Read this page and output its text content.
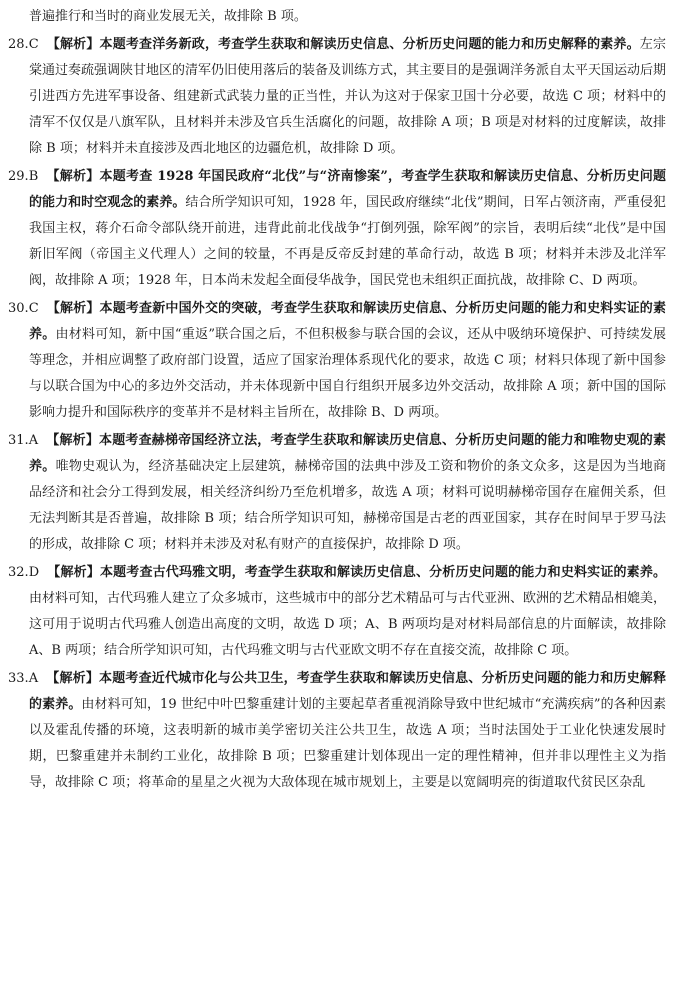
普遍推行和当时的商业发展无关，故排除 B 项。

28.C 【解析】本题考查洋务新政，考查学生获取和解读历史信息、分析历史问题的能力和历史解释的素养。左宗棠通过奏疏强调陕甘地区的清军仍旧使用落后的装备及训练方式，其主要目的是强调洋务派自太平天国运动后期引进西方先进军事设备、组建新式武装力量的正当性，并认为这对于保家卫国十分必要，故选 C 项；材料中的清军不仅仅是八旗军队，且材料并未涉及官兵生活腐化的问题，故排除 A 项；B 项是对材料的过度解读，故排除 B 项；材料并未直接涉及西北地区的边疆危机，故排除 D 项。

29.B 【解析】本题考查 1928 年国民政府“北伐”与“济南惨案”，考查学生获取和解读历史信息、分析历史问题的能力和时空观念的素养。结合所学知识可知，1928 年，国民政府继续“北伐”期间，日军占领济南，严重侵犯我国主权，蒋介石命令部队绕开前进，违背此前北伐战争“打倒列强，除军阀”的宗旨，表明后续“北伐”是中国新旧军阀（帝国主义代理人）之间的较量，不再是反帝反封建的革命行动，故选 B 项；材料并未涉及北洋军阀，故排除 A 项；1928 年，日本尚未发起全面侵华战争，国民党也未组织正面抗战，故排除 C、D 两项。

30.C 【解析】本题考查新中国外交的突破，考查学生获取和解读历史信息、分析历史问题的能力和史料实证的素养。由材料可知，新中国“重返”联合国之后，不但积极参与联合国的会议，还从中吸纳环境保护、可持续发展等理念，并相应调整了政府部门设置，适应了国家治理体系现代化的要求，故选 C 项；材料只体现了新中国参与以联合国为中心的多边外交活动，并未体现新中国自行组织开展多边外交活动，故排除 A 项；新中国的国际影响力提升和国际秩序的变革并不是材料主旨所在，故排除 B、D 两项。

31.A 【解析】本题考查赫梯帝国经济立法，考查学生获取和解读历史信息、分析历史问题的能力和唯物史观的素养。唯物史观认为，经济基础决定上层建筑，赫梯帝国的法典中涉及工资和物价的条文众多，这是因为当地商品经济和社会分工得到发展，相关经济纠纷乃至危机增多，故选 A 项；材料可说明赫梯帝国存在雇佣关系，但无法判断其是否普遍，故排除 B 项；结合所学知识可知，赫梯帝国是古老的西亚国家，其存在时间早于罗马法的形成，故排除 C 项；材料并未涉及对私有财产的直接保护，故排除 D 项。

32.D 【解析】本题考查古代玛雅文明，考查学生获取和解读历史信息、分析历史问题的能力和史料实证的素养。由材料可知，古代玛雅人建立了众多城市，这些城市中的部分艺术精品可与古代亚洲、欧洲的艺术精品相媲美，这可用于说明古代玛雅人创造出高度的文明，故选 D 项；A、B 两项均是对材料局部信息的片面解读，故排除 A、B 两项；结合所学知识可知，古代玛雅文明与古代亚欧文明不存在直接交流，故排除 C 项。

33.A 【解析】本题考查近代城市化与公共卫生，考查学生获取和解读历史信息、分析历史问题的能力和历史解释的素养。由材料可知，19 世纪中叶巴黎重建计划的主要起草者重视消除导致中世纪城市“充满疾病”的各种因素以及霍乱传播的环境，这表明新的城市美学密切关注公共卫生，故选 A 项；当时法国处于工业化快速发展时期，巴黎重建并未制约工业化，故排除 B 项；巴黎重建计划体现出一定的理性精神，但并非以理性主义为指导，故排除 C 项；将革命的星星之火视为大敌体现在城市规划上，主要是以宽阔明亮的街道取代贫民区杂乱
